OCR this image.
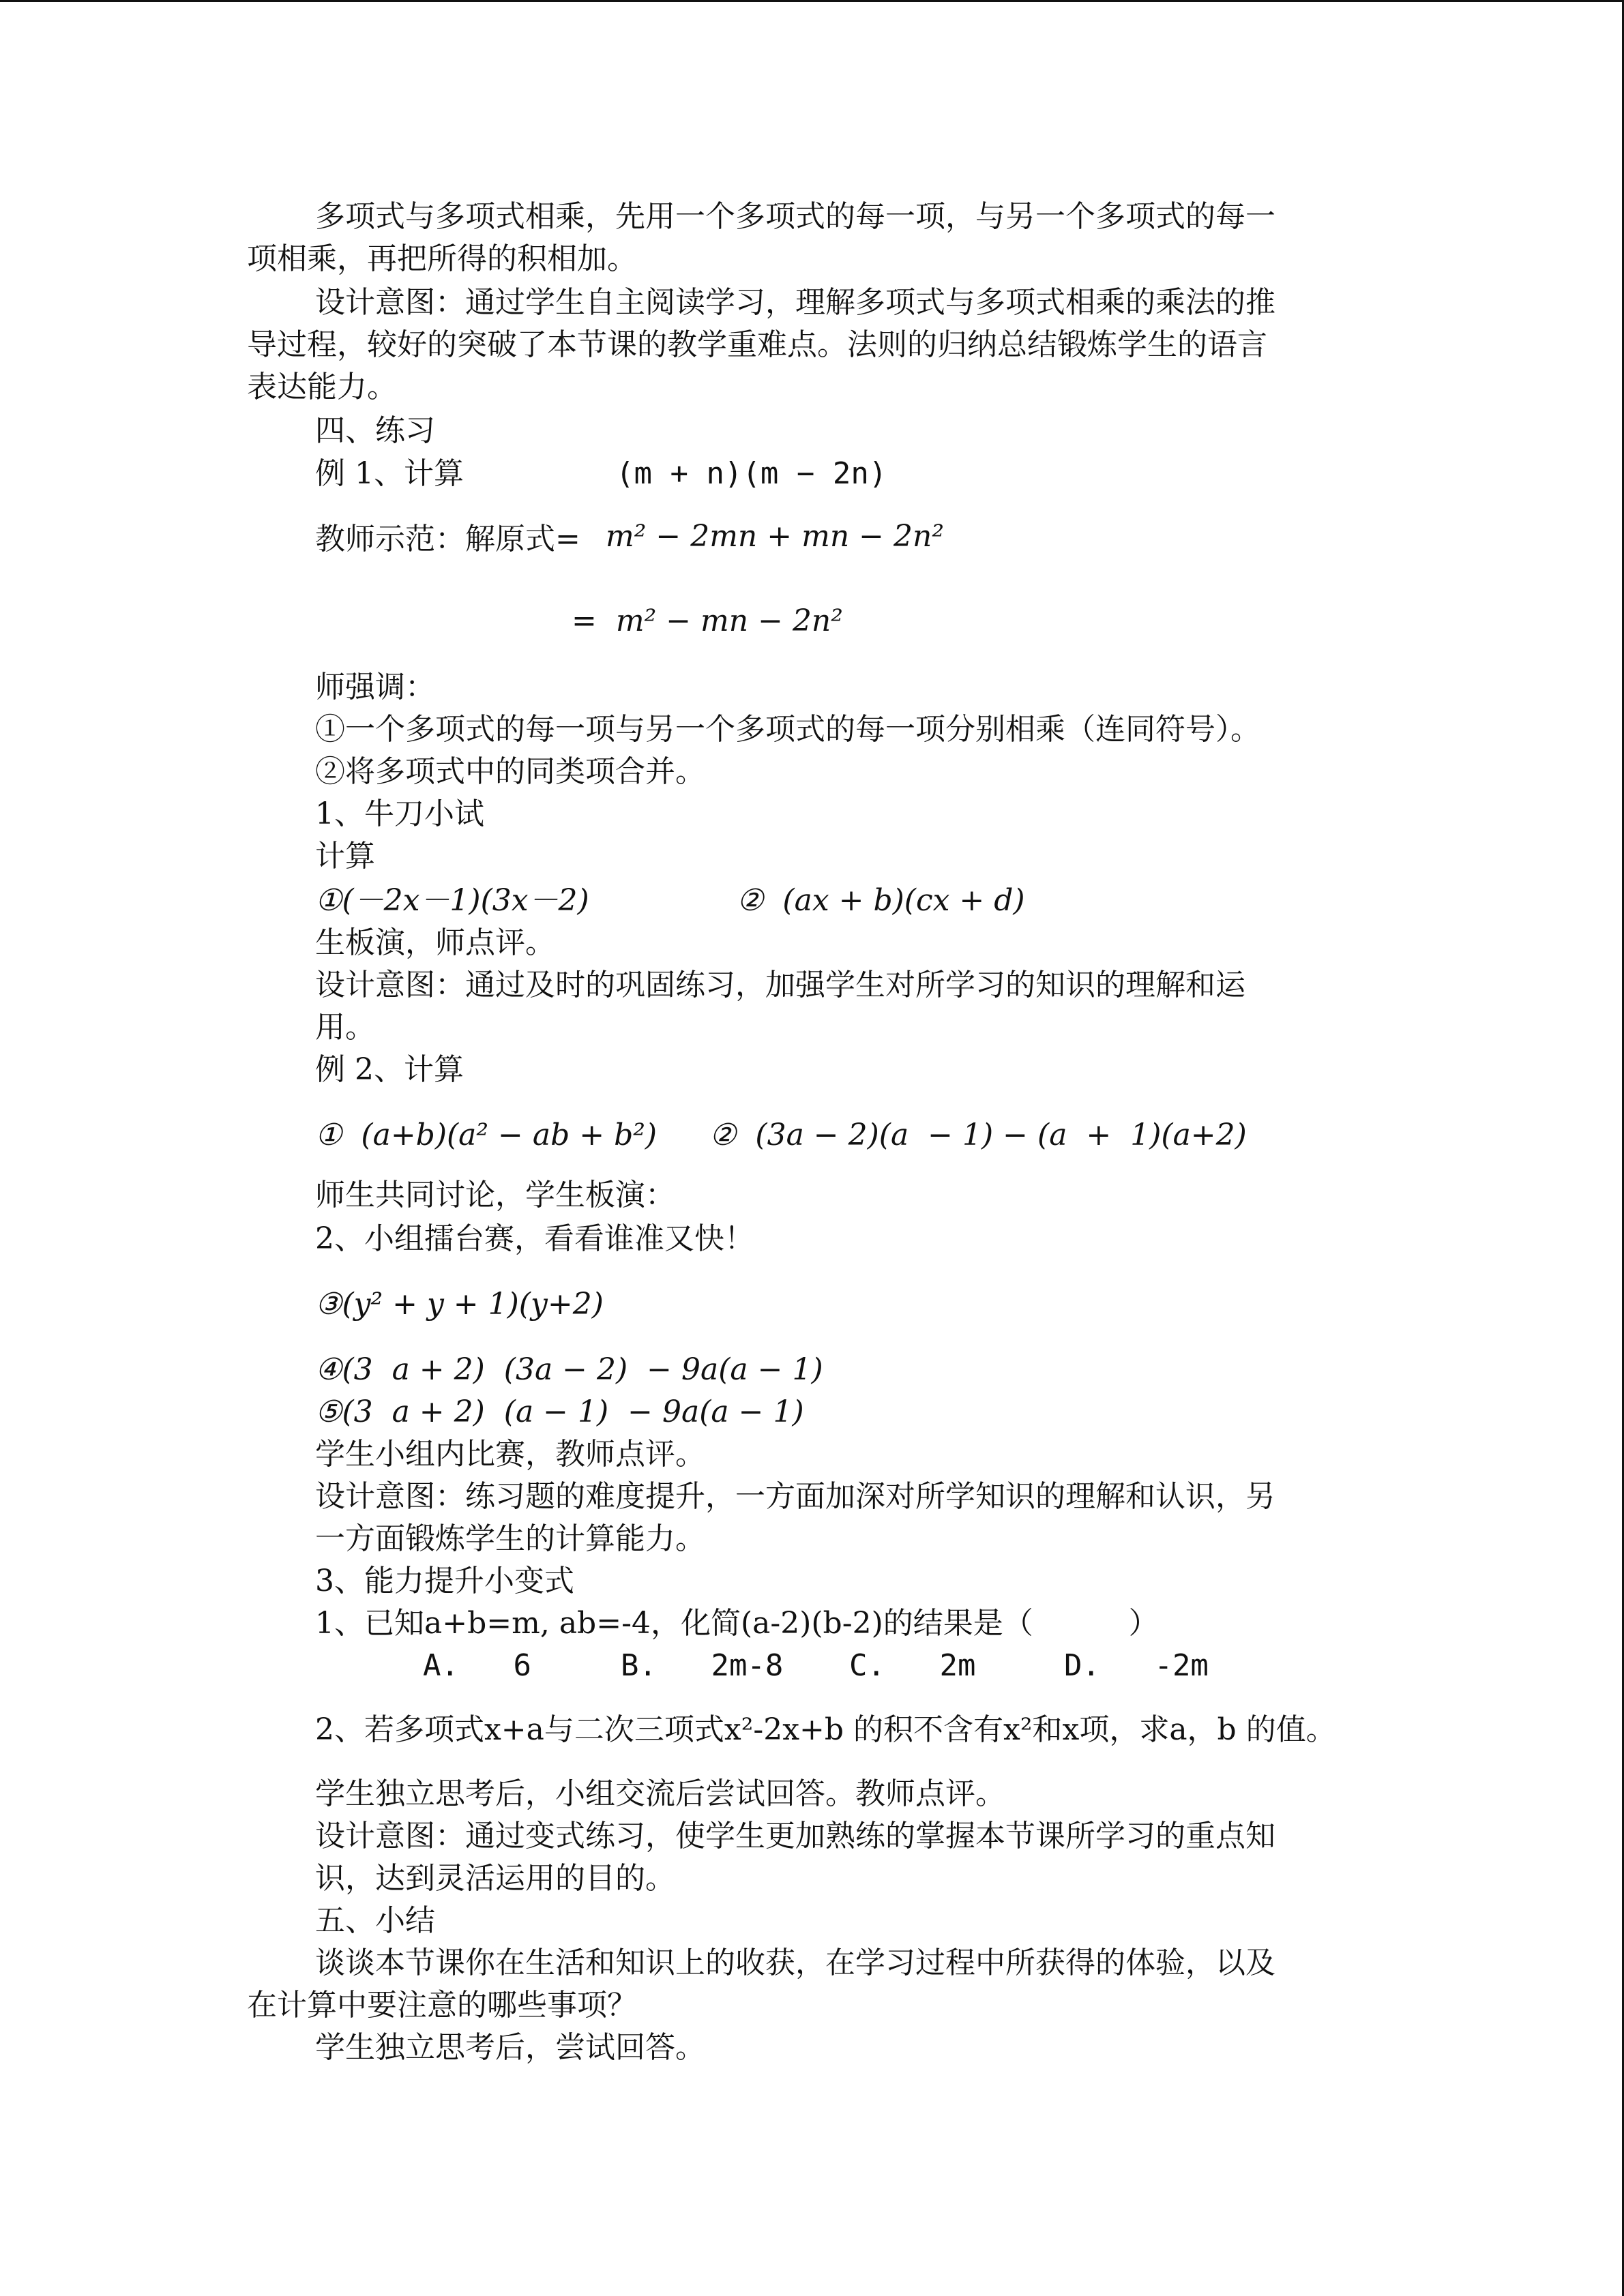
多项式与多项式相乘，先用一个多项式的每一项，与另一个多项式的每一
项相乘，再把所得的积相加。
设计意图：通过学生自主阅读学习，理解多项式与多项式相乘的乘法的推
导过程，较好的突破了本节课的教学重难点。法则的归纳总结锻炼学生的语言
表达能力。
四、练习
例 1、计算	(m + n)(m − 2n)
教师示范：解原式= m² − 2mn + mn − 2n²
=  m² − mn − 2n²
师强调：
①一个多项式的每一项与另一个多项式的每一项分别相乘（连同符号）。
②将多项式中的同类项合并。
1、牛刀小试
计算
①(－2x－1)(3x－2)	②  (ax + b)(cx + d)
生板演，师点评。
设计意图：通过及时的巩固练习，加强学生对所学习的知识的理解和运
用。
例 2、计算
①  (a+b)(a² − ab + b²) ②  (3a − 2)(a  − 1) − (a  +  1)(a+2)
师生共同讨论，学生板演：
2、小组擂台赛，看看谁准又快！
③(y² + y + 1)(y+2)
④(3  a + 2)  (3a − 2)  − 9a(a − 1)
⑤(3  a + 2)  (a − 1)  − 9a(a − 1)
学生小组内比赛，教师点评。
设计意图：练习题的难度提升，一方面加深对所学知识的理解和认识，另
一方面锻炼学生的计算能力。
3、能力提升小变式
1、已知a+b=m, ab=-4，化简(a-2)(b-2)的结果是（          ）
A.   6	B.   2m-8 C.   2m	D.   -2m
2、若多项式x+a与二次三项式x²-2x+b 的积不含有x²和x项，求a，b 的值。
学生独立思考后，小组交流后尝试回答。教师点评。
设计意图：通过变式练习，使学生更加熟练的掌握本节课所学习的重点知
识，达到灵活运用的目的。
五、小结
谈谈本节课你在生活和知识上的收获，在学习过程中所获得的体验，以及
在计算中要注意的哪些事项？
学生独立思考后，尝试回答。
